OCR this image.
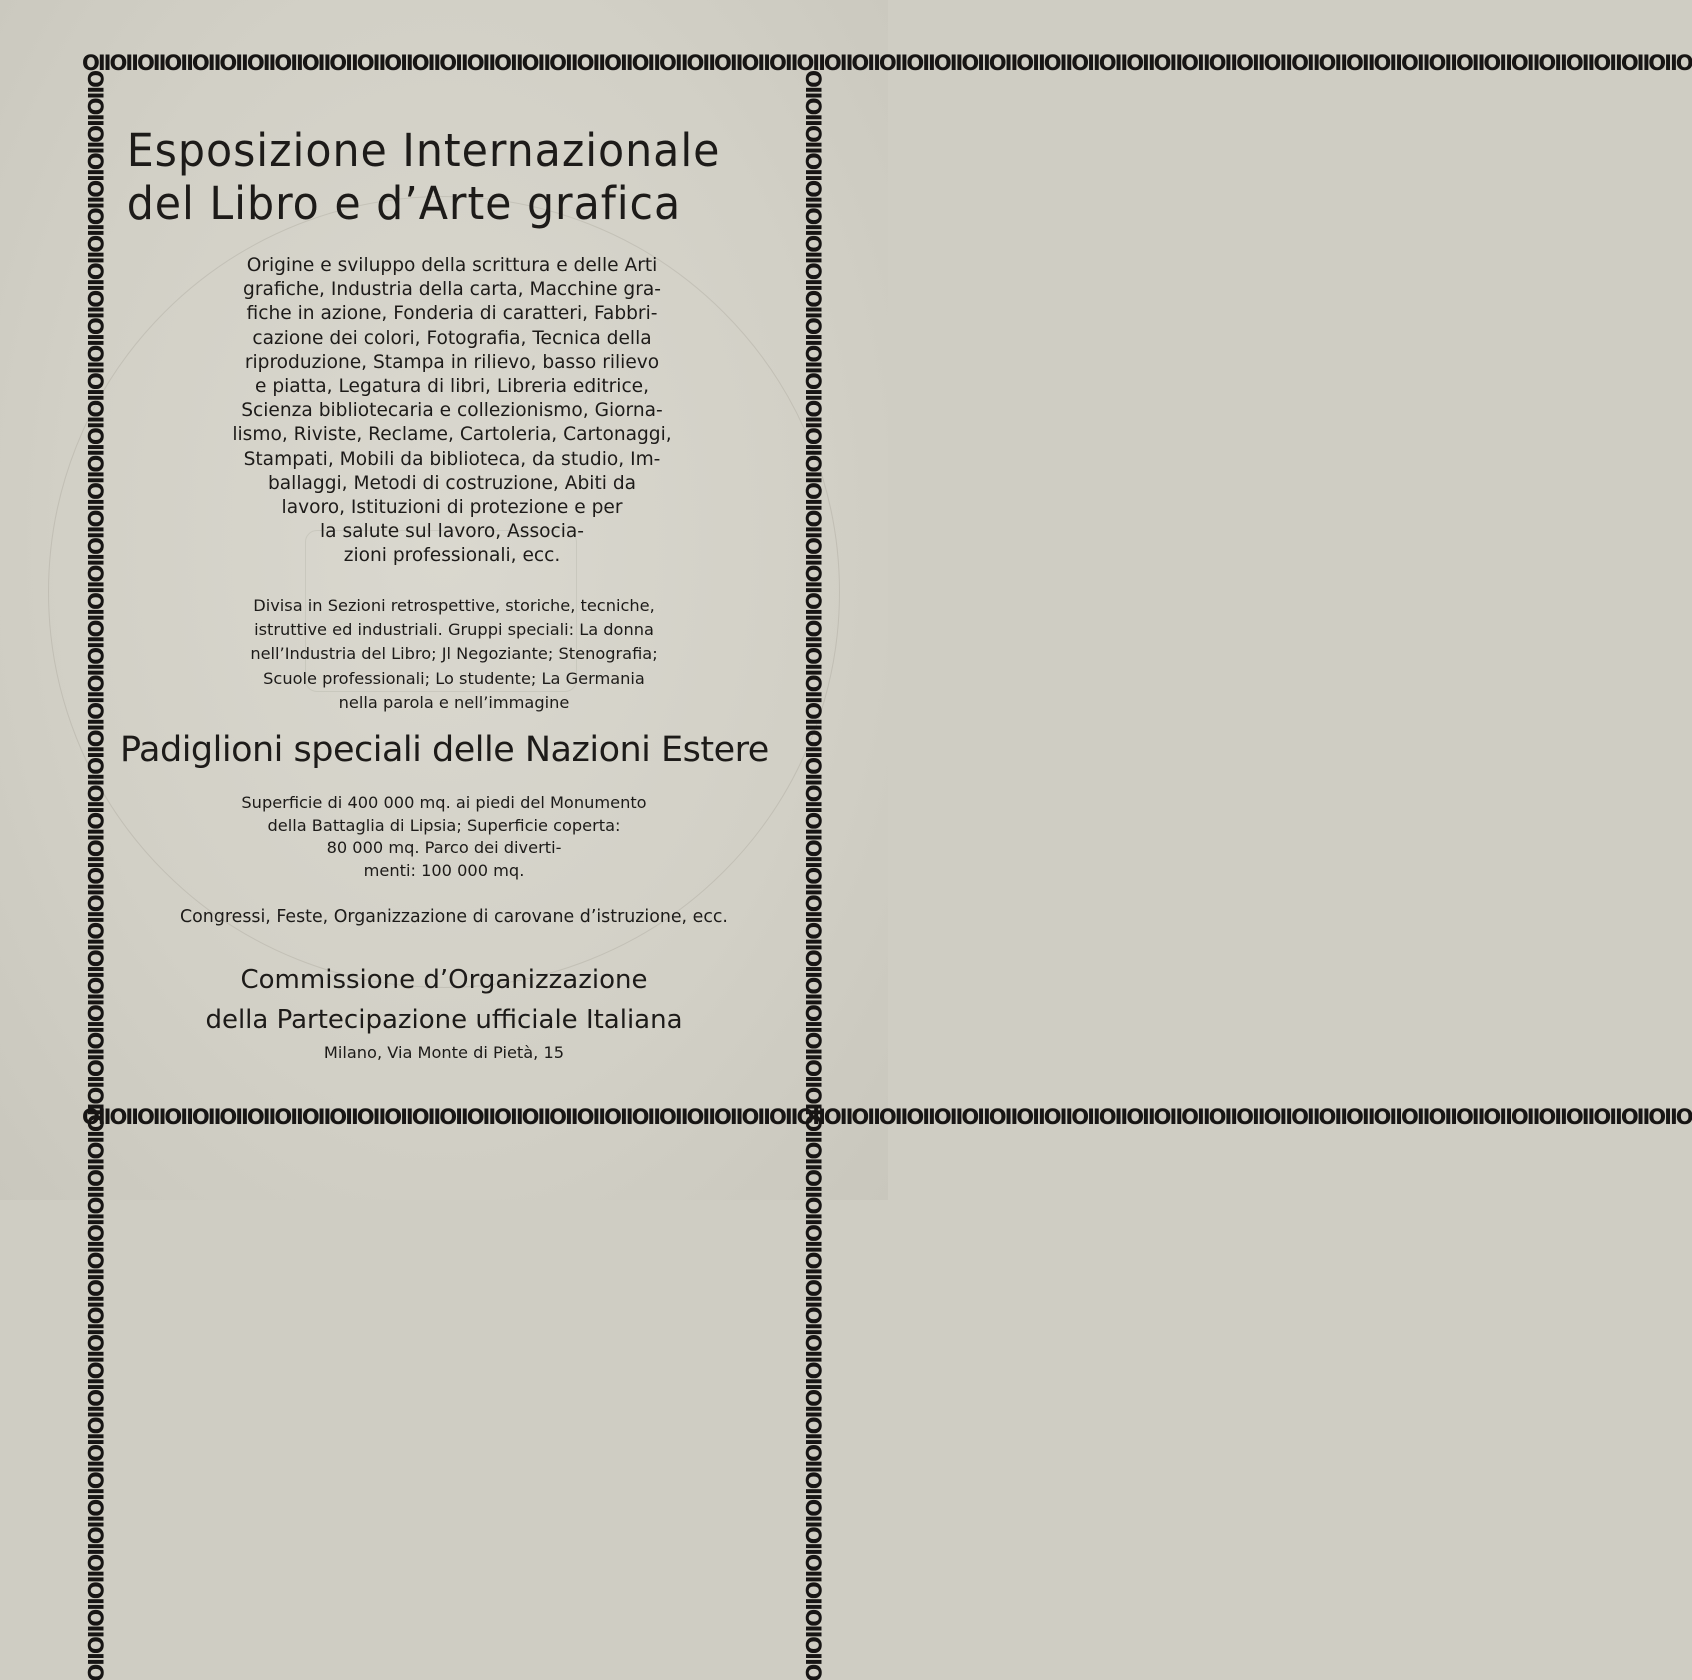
OIIOIIOIIOIIOIIOIIOIIOIIOIIOIIOIIOIIOIIOIIOIIOIIOIIOIIOIIOIIOIIOIIOIIOIIOIIOIIOIIOIIOIIOIIOIIOIIOIIOIIOIIOIIOIIOIIOIIOIIOIIOIIOIIOIIOIIOIIOIIOIIOIIOIIOIIOIIOIIOIIOIIOIIOIIOIIO
OIIOIIOIIOIIOIIOIIOIIOIIOIIOIIOIIOIIOIIOIIOIIOIIOIIOIIOIIOIIOIIOIIOIIOIIOIIOIIOIIOIIOIIOIIOIIOIIOIIOIIOIIOIIOIIOIIOIIOIIOIIOIIOIIOIIOIIOIIOIIOIIOIIOIIOIIOIIOIIOIIOIIOIIOIIOIIO
OIIOIIOIIOIIOIIOIIOIIOIIOIIOIIOIIOIIOIIOIIOIIOIIOIIOIIOIIOIIOIIOIIOIIOIIOIIOIIOIIOIIOIIOIIOIIOIIOIIOIIOIIOIIOIIOIIOIIOIIOIIOIIOIIOIIOIIOIIOIIOIIOIIOIIOIIOIIOIIOIIOIIOIIOIIOIIO	OIIOIIOIIOIIOIIOIIOIIOIIOIIOIIOIIOIIOIIOIIOIIOIIOIIOIIOIIOIIOIIOIIOIIOIIOIIOIIOIIOIIOIIOIIOIIOIIOIIOIIOIIOIIOIIOIIOIIOIIOIIOIIOIIOIIOIIOIIOIIOIIOIIOIIOIIOIIOIIOIIOIIOIIOIIOIIO
Esposizione Internazionale
del Libro e d’Arte grafica
Origine e sviluppo della scrittura e delle Arti
grafiche, Industria della carta, Macchine gra-
fiche in azione, Fonderia di caratteri, Fabbri-
cazione dei colori, Fotografia, Tecnica della
riproduzione, Stampa in rilievo, basso rilievo
e piatta, Legatura di libri, Libreria editrice,
Scienza bibliotecaria e collezionismo, Giorna-
lismo, Riviste, Reclame, Cartoleria, Cartonaggi,
Stampati, Mobili da biblioteca, da studio, Im-
ballaggi, Metodi di costruzione, Abiti da
lavoro, Istituzioni di protezione e per
la salute sul lavoro, Associa-
zioni professionali, ecc.
Divisa in Sezioni retrospettive, storiche, tecniche,
istruttive ed industriali. Gruppi speciali: La donna
nell’Industria del Libro; Jl Negoziante; Stenografia;
Scuole professionali; Lo studente; La Germania
nella parola e nell’immagine
Padiglioni speciali delle Nazioni Estere
Superficie di 400 000 mq. ai piedi del Monumento
della Battaglia di Lipsia; Superficie coperta:
80 000 mq. Parco dei diverti-
menti: 100 000 mq.
Congressi, Feste, Organizzazione di carovane d’istruzione, ecc.
Commissione d’Organizzazione
della Partecipazione ufficiale Italiana
Milano, Via Monte di Pietà, 15
